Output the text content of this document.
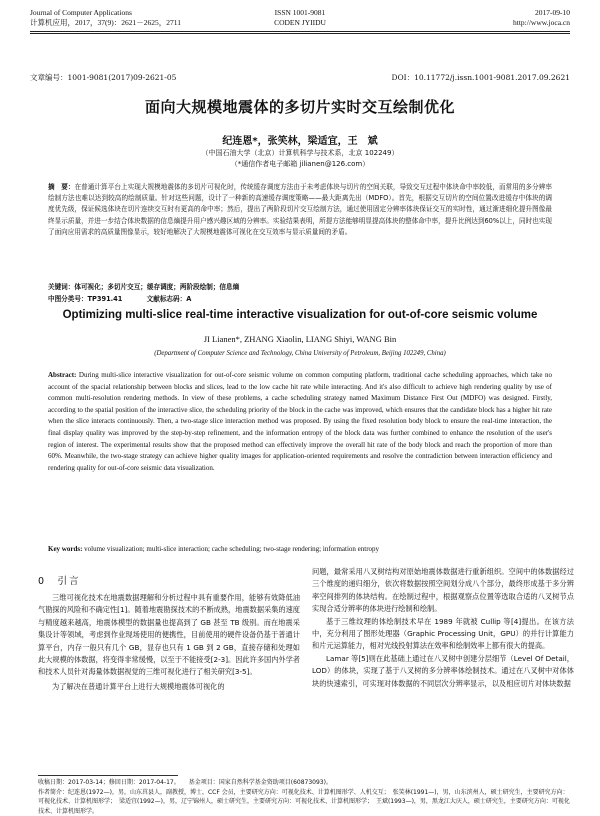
Journal of Computer Applications
计算机应用，2017，37(9)：2621－2625，2711
ISSN 1001-9081
CODEN JYIIDU
2017-09-10
http://www.joca.cn
文章编号：1001-9081(2017)09-2621-05	DOI：10.11772/j.issn.1001-9081.2017.09.2621
面向大规模地震体的多切片实时交互绘制优化
纪连恩*，张笑林，梁适宜，王　斌
（中国石油大学（北京）计算机科学与技术系，北京 102249）
（*通信作者电子邮箱 jilianen@126.com）
摘　要：在普通计算平台上实现大规模地震体的多切片可视化时，传统缓存调度方法由于未考虑体块与切片的空间关联，导致交互过程中体块命中率较低，而常用的多分辨率绘制方法也难以达到较高的绘制质量。针对这些问题，设计了一种新的高速缓存调度策略——最大距离先出（MDFO）。首先，根据交互切片的空间位置改进缓存中体块的调度优先级，保证候选体块在切片连续交互时有更高的命中率；然后，提出了两阶段切片交互绘制方法，通过使用固定分辨率体块保证交互的实时性，通过渐进细化提升图像最终显示质量，并进一步结合体块数据的信息熵提升用户感兴趣区域的分辨率。实验结果表明，所提方法能够明显提高体块的整体命中率，提升比例达到60%以上，同时也实现了面向应用需求的高质量图像显示，较好地解决了大规模地震体可视化在交互效率与显示质量间的矛盾。
关键词：体可视化；多切片交互；缓存调度；两阶段绘制；信息熵
中图分类号：TP391.41	文献标志码：A
Optimizing multi-slice real-time interactive visualization for out-of-core seismic volume
JI Lianen*, ZHANG Xiaolin, LIANG Shiyi, WANG Bin
(Department of Computer Science and Technology, China University of Petroleum, Beijing 102249, China)
Abstract: During multi-slice interactive visualization for out-of-core seismic volume on common computing platform, traditional cache scheduling approaches, which take no account of the spacial relationship between blocks and slices, lead to the low cache hit rate while interacting. And it's also difficult to achieve high rendering quality by use of common multi-resolution rendering methods. In view of these problems, a cache scheduling strategy named Maximum Distance First Out (MDFO) was designed. Firstly, according to the spatial position of the interactive slice, the scheduling priority of the block in the cache was improved, which ensures that the candidate block has a higher hit rate when the slice interacts continuously. Then, a two-stage slice interaction method was proposed. By using the fixed resolution body block to ensure the real-time interaction, the final display quality was improved by the step-by-step refinement, and the information entropy of the block data was further combined to enhance the resolution of the user's region of interest. The experimental results show that the proposed method can effectively improve the overall hit rate of the body block and reach the proportion of more than 60%. Meanwhile, the two-stage strategy can achieve higher quality images for application-oriented requirements and resolve the contradiction between interaction efficiency and rendering quality for out-of-core seismic data visualization.
Key words: volume visualization; multi-slice interaction; cache scheduling; two-stage rendering; information entropy
0　引言

三维可视化技术在地震数据理解和分析过程中具有重要作用，能够有效降低油气勘探的风险和不确定性[1]。随着地震勘探技术的不断成熟，地震数据采集的速度与精度越来越高，地震体模型的数据量也提高到了 GB 甚至 TB 级别。而在地震采集设计等领域，考虑到作业现场使用的便携性，目前使用的硬件设备仍基于普通计算平台，内存一般只有几个 GB，显存也只有 1 GB 到 2 GB，直接存储和处理如此大规模的体数据，将变得非常缓慢，以至于不能接受[2-3]。因此许多国内外学者和技术人员针对海量体数据视觉的三维可视化进行了相关研究[3-5]。

为了解决在普通计算平台上进行大规模地震体可视化的

问题，最常采用八叉树结构对原始地震体数据进行重新组织。空间中的体数据经过三个维度的递归细分，依次将数据按照空间划分成八个部分，最终形成基于多分辨率空间排列的体块结构。在绘制过程中，根据观察点位置等选取合适的八叉树节点实现合适分辨率的体块进行绘制和绘制。

基于三维纹理的体绘制技术早在 1989 年就被 Cullip 等[4]提出。在该方法中，充分利用了图形处理器（Graphic Processing Unit，GPU）的并行计算能力和片元运算能力，相对光线投射算法在效率和绘制效率上都有很大的提高。

Lamar 等[5]则在此基础上通过在八叉树中创建分层细节（Level Of Detail，LOD）的体块，实现了基于八叉树的多分辨率体绘制技术。通过在八叉树中对体体块的快速索引，可实现对体数据的不同层次分辨率显示，以及相应切片对体块数据

收稿日期：2017-03-14；修回日期：2017-04-17。　　基金项目：国家自然科学基金资助项目(60873093)。

作者简介：纪连恩(1972—)，男，山东莒县人，副教授，博士，CCF 会员，主要研究方向：可视化技术、计算机图形学、人机交互；　张笑林(1991—)，男，山东滨州人，硕士研究生，主要研究方向：可视化技术、计算机图形学；　梁适宜(1992—)，男，辽宁锦州人，硕士研究生，主要研究方向：可视化技术、计算机图形学；　王斌(1993—)，男，黑龙江大庆人，硕士研究生，主要研究方向：可视化技术、计算机图形学。
